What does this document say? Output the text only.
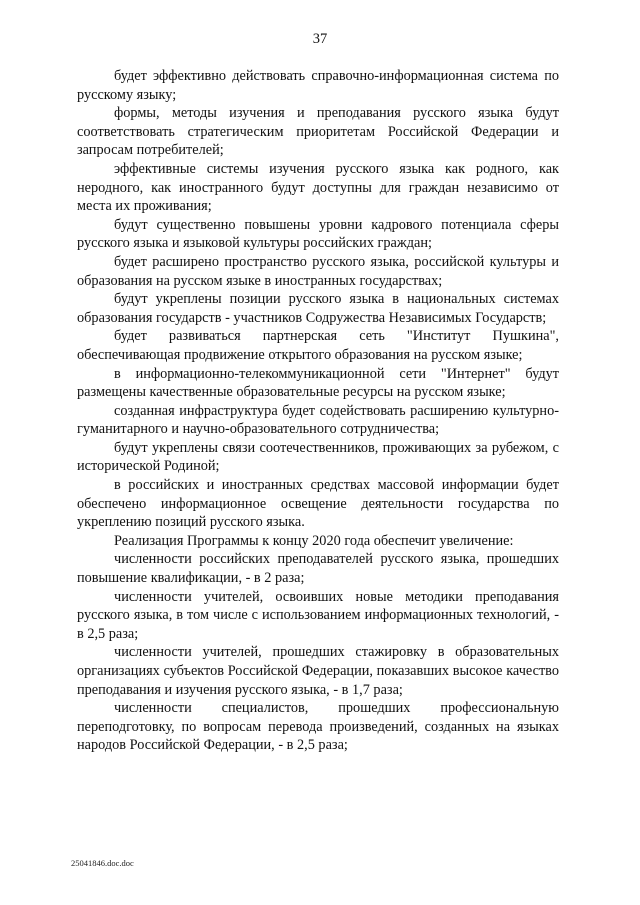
37

будет эффективно действовать справочно-информационная система по русскому языку;

формы, методы изучения и преподавания русского языка будут соответствовать стратегическим приоритетам Российской Федерации и запросам потребителей;

эффективные системы изучения русского языка как родного, как неродного, как иностранного будут доступны для граждан независимо от места их проживания;

будут существенно повышены уровни кадрового потенциала сферы русского языка и языковой культуры российских граждан;

будет расширено пространство русского языка, российской культуры и образования на русском языке в иностранных государствах;

будут укреплены позиции русского языка в национальных системах образования государств - участников Содружества Независимых Государств;

будет развиваться партнерская сеть "Институт Пушкина", обеспечивающая продвижение открытого образования на русском языке;

в информационно-телекоммуникационной сети "Интернет" будут размещены качественные образовательные ресурсы на русском языке;

созданная инфраструктура будет содействовать расширению культурно-гуманитарного и научно-образовательного сотрудничества;

будут укреплены связи соотечественников, проживающих за рубежом, с исторической Родиной;

в российских и иностранных средствах массовой информации будет обеспечено информационное освещение деятельности государства по укреплению позиций русского языка.

Реализация Программы к концу 2020 года обеспечит увеличение:

численности российских преподавателей русского языка, прошедших повышение квалификации, - в 2 раза;

численности учителей, освоивших новые методики преподавания русского языка, в том числе с использованием информационных технологий, - в 2,5 раза;

численности учителей, прошедших стажировку в образовательных организациях субъектов Российской Федерации, показавших высокое качество преподавания и изучения русского языка, - в 1,7 раза;

численности специалистов, прошедших профессиональную переподготовку, по вопросам перевода произведений, созданных на языках народов Российской Федерации, - в 2,5 раза;

25041846.doc.doc
